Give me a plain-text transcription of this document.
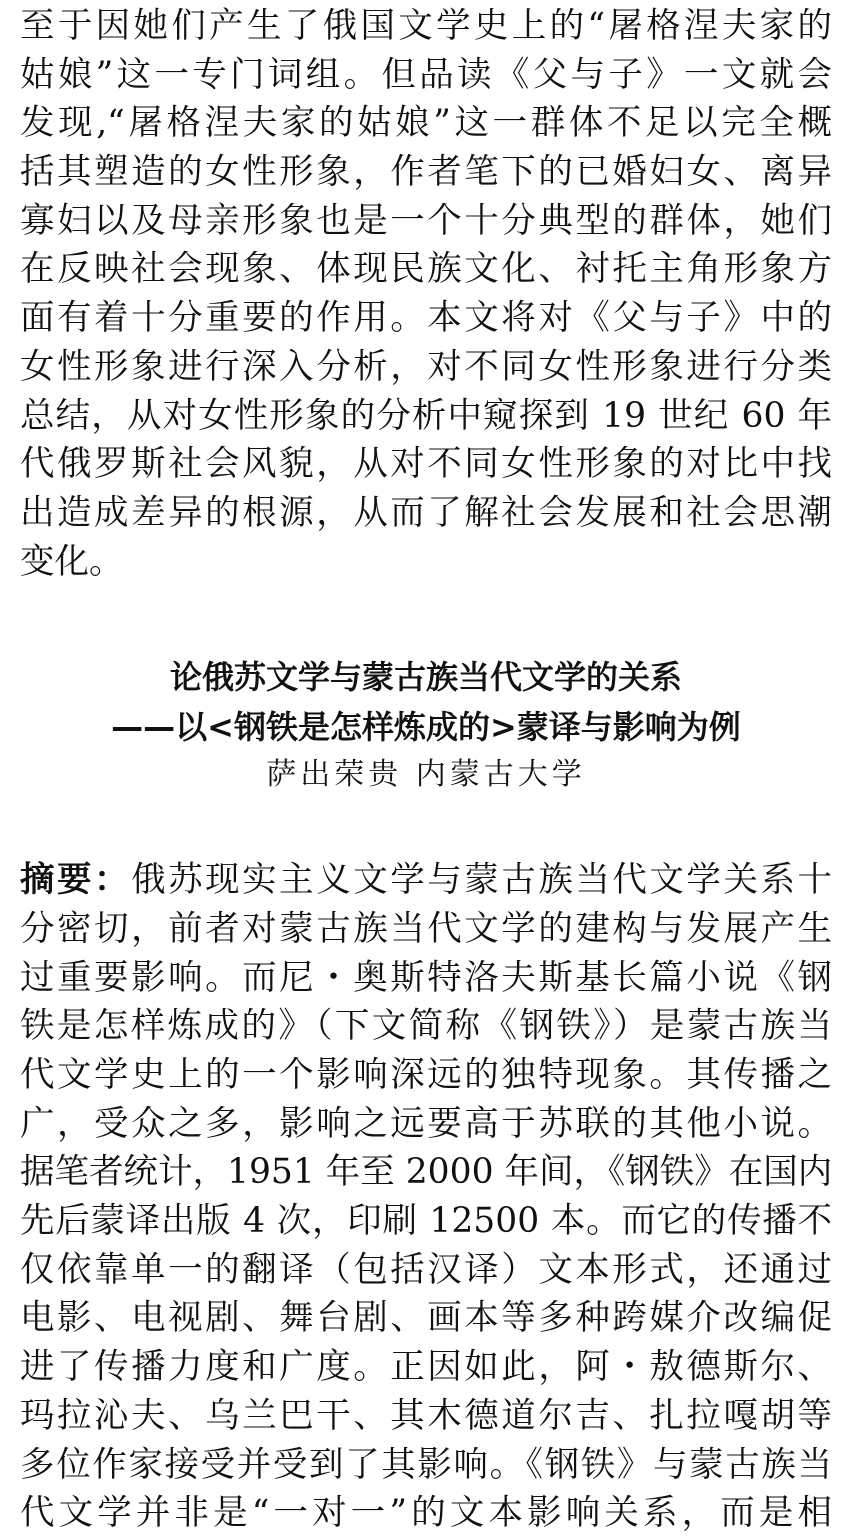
至于因她们产生了俄国文学史上的“屠格涅夫家的
姑娘”这一专门词组。但品读《父与子》一文就会
发现,“屠格涅夫家的姑娘”这一群体不足以完全概
括其塑造的女性形象，作者笔下的已婚妇女、离异
寡妇以及母亲形象也是一个十分典型的群体，她们
在反映社会现象、体现民族文化、衬托主角形象方
面有着十分重要的作用。本文将对《父与子》中的
女性形象进行深入分析，对不同女性形象进行分类
总结，从对女性形象的分析中窥探到 19 世纪 60 年
代俄罗斯社会风貌，从对不同女性形象的对比中找
出造成差异的根源，从而了解社会发展和社会思潮
变化。
论俄苏文学与蒙古族当代文学的关系
——以<钢铁是怎样炼成的>蒙译与影响为例
萨出荣贵 内蒙古大学
摘要：俄苏现实主义文学与蒙古族当代文学关系十
分密切，前者对蒙古族当代文学的建构与发展产生
过重要影响。而尼・奥斯特洛夫斯基长篇小说《钢
铁是怎样炼成的》（下文简称《钢铁》）是蒙古族当
代文学史上的一个影响深远的独特现象。其传播之
广，受众之多，影响之远要高于苏联的其他小说。
据笔者统计，1951 年至 2000 年间，《钢铁》在国内
先后蒙译出版 4 次，印刷 12500 本。而它的传播不
仅依靠单一的翻译（包括汉译）文本形式，还通过
电影、电视剧、舞台剧、画本等多种跨媒介改编促
进了传播力度和广度。正因如此，阿・敖德斯尔、
玛拉沁夫、乌兰巴干、其木德道尔吉、扎拉嘎胡等
多位作家接受并受到了其影响。《钢铁》与蒙古族当
代文学并非是“一对一”的文本影响关系，而是相
